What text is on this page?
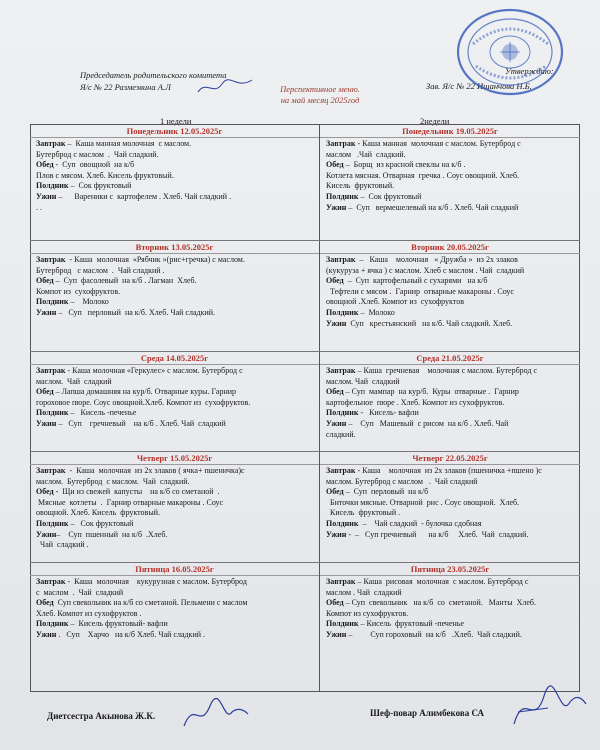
Председатель родительского комитета
Я/с № 22 Размезвина А.Л	Перспективное меню.
на май месяц 2025год
Утверждаю:
Зав. Я/с № 22 Ишанчова Н.Б.
1 недели	2недели
Диетсестра Акынова Ж.К.	Шеф-повар Алимбекова СА
Понедельник 12.05.2025г
Завтрак –  Каша манная молочная  с маслом.
Бутерброд с маслом  .  Чай сладкий.
Обед -  Суп  овощной  на к/б
Плов с мясом. Хлеб. Кисель фруктовый.
Полдник –  Сок фруктовый
Ужин –      Вареники с  картофелем . Хлеб. Чай сладкий .
. .
Понедельник 19.05.2025г
Завтрак - Каша манная  молочная с маслом. Бутерброд с
маслом   .Чай  сладкий.
Обед –  Борщ  из красной свеклы на к/б .
Котлета мясная. Отварная  гречка . Соус овощной. Хлеб.
Кисель  фруктовый.
Полдник –  Сок фруктовый
Ужин –  Суп   вермешелевый на к/б . Хлеб. Чай сладкий
Вторник 13.05.2025г
Завтрак  - Каша  молочная  «Рябчик »(рис+гречка) с маслом.
Бутерброд   с маслом  .  Чай сладкий .
Обед –  Суп  фасолевый  на к/б . Лагман  Хлеб.
Компот из  сухофруктов.
Полдник –    Молоко
Ужин –   Суп   перловый  на к/б. Хлеб. Чай сладкий.
Вторник 20.05.2025г
Завтрак  –   Каша    молочная   « Дружба »  из 2х злаков
(кукуруза + ячка ) с маслом. Хлеб с маслом . Чай  сладкий
Обед  –  Суп  картофельный с сухарями   на к/б
Тефтели с мясом .  Гарнир  отварные макароны . Соус
овощной .Хлеб. Компот из  сухофруктов
Полдник –  Молоко
Ужин  Суп   крестьянский   на к/б. Чай сладкий. Хлеб.
Среда 14.05.2025г
Завтрак - Каша молочная «Геркулес» с маслом. Бутерброд с
маслом.  Чай  сладкий
Обед – Лапша домашняя на кур/б. Отварные куры. Гарнир
гороховое пюре. Соус овощной.Хлеб. Компот из  сухофруктов.
Полдник –   Кисель -печенье
Ужин –   Суп    гречневый    на к/б . Хлеб. Чай  сладкий
Среда 21.05.2025г
Завтрак – Каша  гречневая    молочная с маслом. Бутерброд с
маслом. Чай  сладкий
Обед – Суп  мампар  на кур/б.  Куры  отварные .  Гарнир
картофельное  пюре . Хлеб. Компот из сухофруктов.
Полдник -   Кисель- вафли
Ужин –    Суп   Машевый  с рисом  на к/б . Хлеб. Чай
сладкий.
Четверг 15.05.2025г
Завтрак  -  Каша  молочная  из 2х злаков ( ячка+ пшеничка)с
маслом.  Бутерброд  с маслом.  Чай  сладкий.
Обед -  Щи из свежей  капусты    на к/б со сметаной  .
Мясные  котлеты  .  Гарнир отварные макароны . Соус
овощной. Хлеб. Кисель  фруктовый.
Полдник –   Сок фруктовый
Ужин–    Суп  пшенный  на к/б  .Хлеб.
Чай  сладкий .
Четверг 22.05.2025г
Завтрак - Каша    молочная  из 2х злаков (пшеничка +пшено )с
маслом. Бутерброд с маслом   .  Чай сладкий
Обед –  Суп  перловый  на к/б
Биточки мясные. Отварной  рис . Соус овощной.  Хлеб.
Кисель  фруктовый .
Полдник  –    Чай сладкий  - булочка сдобная
Ужин -  –   Суп гречневый      на к/б     Хлеб.  Чай  сладкий.
Пятница 16.05.2025г
Завтрак -  Каша  молочная    кукурузная с маслом. Бутерброд
с  маслом  .  Чай  сладкий
Обед  Суп свекольник на к/б со сметаной. Пельмени с маслом
Хлеб. Компот из сухофруктов .
Полдник –  Кисель фруктовый- вафли
Ужин .   Суп    Харчо   на к/б Хлеб. Чай сладкий .
Пятница 23.05.2025г
Завтрак – Каша  рисовая  молочная  с маслом. Бутерброд с
маслом . Чай  сладкий
Обед – Суп  свекольник   на к/б  со  сметаной.   Манты  Хлеб.
Компот из сухофруктов.
Полдник – Кисель  фруктовый -печенье
Ужин –         Суп гороховый  на к/б   .Хлеб.  Чай сладкий.
